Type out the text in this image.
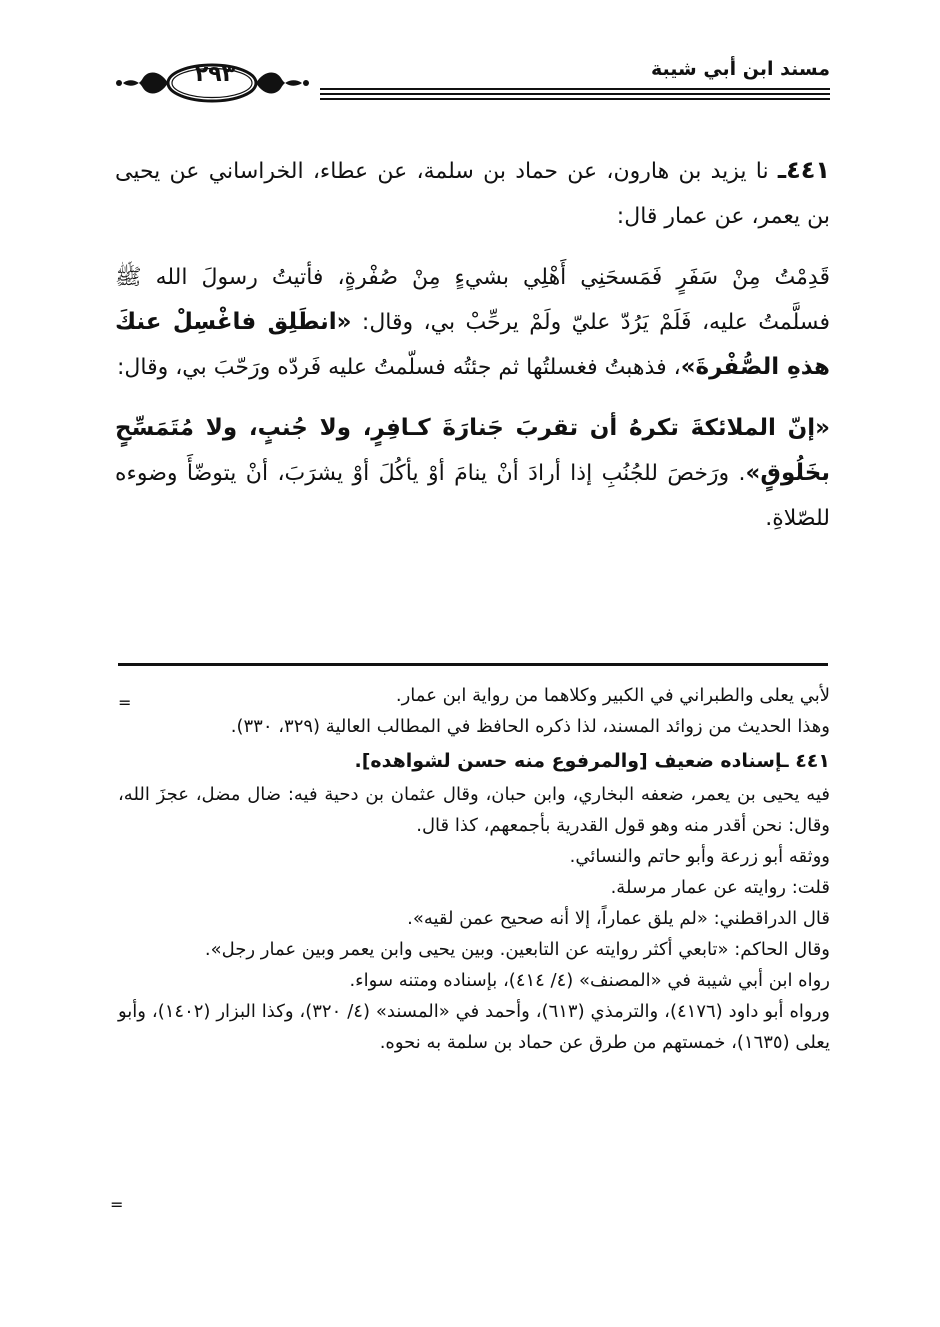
مسند ابن أبي شيبة
٢٩٣

٤٤١ـ نا يزيد بن هارون، عن حماد بن سلمة، عن عطاء، الخراساني عن يحيى بن يعمر، عن عمار قال:

قَدِمْتُ مِنْ سَفَرٍ فَمَسحَنِي أَهْلِي بشيءٍ مِنْ صُفْرةٍ، فأتيتُ رسولَ الله ﷺ فسلَّمتُ عليه، فَلَمْ يَرُدّ عليّ ولَمْ يرحِّبْ بي، وقال: «انطَلِق فاغْسِلْ عنكَ هذهِ الصُّفْرةَ»، فذهبتُ فغسلتُها ثم جئتُه فسلّمتُ عليه فَردّه ورَحّبَ بي، وقال:

«إنّ الملائكةَ تكرهُ أن تقربَ جَنارَةَ كـافِرٍ، ولا جُنبٍ، ولا مُتَمَسِّحٍ بخَلُوقٍ». ورَخصَ للجُنُبِ إذا أرادَ أنْ ينامَ أوْ يأكُلَ أوْ يشرَبَ، أنْ يتوضّأَ وضوءه للصّلاةِ.

=	لأبي يعلى والطبراني في الكبير وكلاهما من رواية ابن عمار.

وهذا الحديث من زوائد المسند، لذا ذكره الحافظ في المطالب العالية (٣٢٩، ٣٣٠).

٤٤١ ـإسناده ضعيف [والمرفوع منه حسن لشواهده].

فيه يحيى بن يعمر، ضعفه البخاري، وابن حبان، وقال عثمان بن دحية فيه: ضال مضل، عجزَ الله، وقال: نحن أقدر منه وهو قول القدرية بأجمعهم، كذا قال.

ووثقه أبو زرعة وأبو حاتم والنسائي.

قلت: روايته عن عمار مرسلة.

قال الدراقطني: «لم يلق عماراً، إلا أنه صحيح عمن لقيه».

وقال الحاكم: «تابعي أكثر روايته عن التابعين. وبين يحيى وابن يعمر وبين عمار رجل».

رواه ابن أبي شيبة في «المصنف» (٤/ ٤١٤)، بإسناده ومتنه سواء.

ورواه أبو داود (٤١٧٦)، والترمذي (٦١٣)، وأحمد في «المسند» (٤/ ٣٢٠)، وكذا البزار (١٤٠٢)، وأبو يعلى (١٦٣٥)، خمستهم من طرق عن حماد بن سلمة به نحوه.

=
